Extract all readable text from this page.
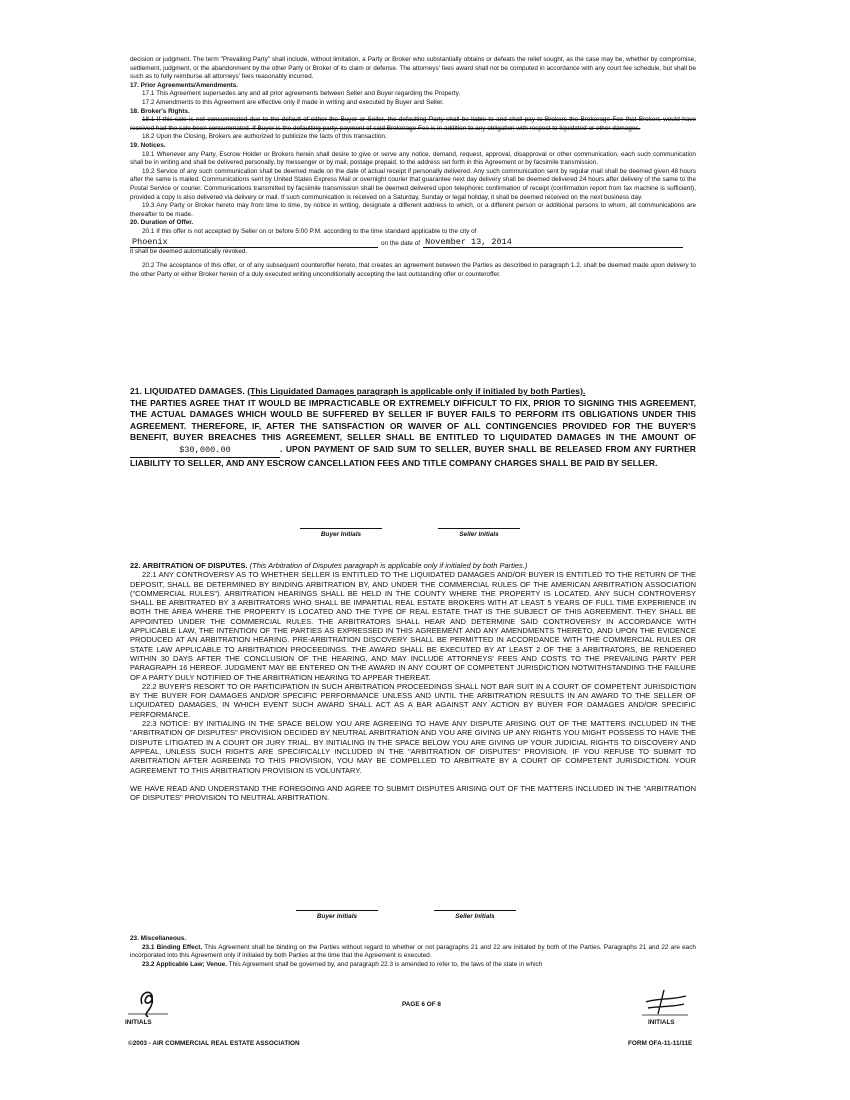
decision or judgment. The term "Prevailing Party" shall include, without limitation, a Party or Broker who substantially obtains or defeats the relief sought, as the case may be, whether by compromise, settlement, judgment, or the abandonment by the other Party or Broker of its claim or defense. The attorneys' fees award shall not be computed in accordance with any court fee schedule, but shall be such as to fully reimburse all attorneys' fees reasonably incurred.

17. Prior Agreements/Amendments.

17.1 This Agreement supersedes any and all prior agreements between Seller and Buyer regarding the Property.

17.2 Amendments to this Agreement are effective only if made in writing and executed by Buyer and Seller.

18. Broker's Rights.

18.1 If this sale is not consummated due to the default of either the Buyer or Seller, the defaulting Party shall be liable to and shall pay to Brokers the Brokerage Fee that Brokers would have received had the sale been consummated. If Buyer is the defaulting party, payment of said Brokerage Fee is in addition to any obligation with respect to liquidated or other damages.

18.2 Upon the Closing, Brokers are authorized to publicize the facts of this transaction.

19. Notices.

19.1 Whenever any Party, Escrow Holder or Brokers herein shall desire to give or serve any notice, demand, request, approval, disapproval or other communication, each such communication shall be in writing and shall be delivered personally, by messenger or by mail, postage prepaid, to the address set forth in this Agreement or by facsimile transmission.

19.2 Service of any such communication shall be deemed made on the date of actual receipt if personally delivered. Any such communication sent by regular mail shall be deemed given 48 hours after the same is mailed. Communications sent by United States Express Mail or overnight courier that guarantee next day delivery shall be deemed delivered 24 hours after delivery of the same to the Postal Service or courier. Communications transmitted by facsimile transmission shall be deemed delivered upon telephonic confirmation of receipt (confirmation report from fax machine is sufficient), provided a copy is also delivered via delivery or mail. If such communication is received on a Saturday, Sunday or legal holiday, it shall be deemed received on the next business day.

19.3 Any Party or Broker hereto may from time to time, by notice in writing, designate a different address to which, or a different person or additional persons to whom, all communications are thereafter to be made.

20. Duration of Offer.

20.1 If this offer is not accepted by Seller on or before 5:00 P.M. according to the time standard applicable to the city of

Phoenix	on the date of November 13, 2014

it shall be deemed automatically revoked.

20.2 The acceptance of this offer, or of any subsequent counteroffer hereto, that creates an agreement between the Parties as described in paragraph 1.2, shall be deemed made upon delivery to the other Party or either Broker herein of a duly executed writing unconditionally accepting the last outstanding offer or counteroffer.

21. LIQUIDATED DAMAGES. (This Liquidated Damages paragraph is applicable only if initialed by both Parties).
THE PARTIES AGREE THAT IT WOULD BE IMPRACTICABLE OR EXTREMELY DIFFICULT TO FIX, PRIOR TO SIGNING THIS AGREEMENT, THE ACTUAL DAMAGES WHICH WOULD BE SUFFERED BY SELLER IF BUYER FAILS TO PERFORM ITS OBLIGATIONS UNDER THIS AGREEMENT. THEREFORE, IF, AFTER THE SATISFACTION OR WAIVER OF ALL CONTINGENCIES PROVIDED FOR THE BUYER'S BENEFIT, BUYER BREACHES THIS AGREEMENT, SELLER SHALL BE ENTITLED TO LIQUIDATED DAMAGES IN THE AMOUNT OF $30,000.00	. UPON PAYMENT OF SAID SUM TO SELLER, BUYER SHALL BE RELEASED FROM ANY FURTHER LIABILITY TO SELLER, AND ANY ESCROW CANCELLATION FEES AND TITLE COMPANY CHARGES SHALL BE PAID BY SELLER.
Buyer Initials	Seller Initials

22. ARBITRATION OF DISPUTES. (This Arbitration of Disputes paragraph is applicable only if initialed by both Parties.)

22.1 ANY CONTROVERSY AS TO WHETHER SELLER IS ENTITLED TO THE LIQUIDATED DAMAGES AND/OR BUYER IS ENTITLED TO THE RETURN OF THE DEPOSIT, SHALL BE DETERMINED BY BINDING ARBITRATION BY, AND UNDER THE COMMERCIAL RULES OF THE AMERICAN ARBITRATION ASSOCIATION ("COMMERCIAL RULES"). ARBITRATION HEARINGS SHALL BE HELD IN THE COUNTY WHERE THE PROPERTY IS LOCATED. ANY SUCH CONTROVERSY SHALL BE ARBITRATED BY 3 ARBITRATORS WHO SHALL BE IMPARTIAL REAL ESTATE BROKERS WITH AT LEAST 5 YEARS OF FULL TIME EXPERIENCE IN BOTH THE AREA WHERE THE PROPERTY IS LOCATED AND THE TYPE OF REAL ESTATE THAT IS THE SUBJECT OF THIS AGREEMENT. THEY SHALL BE APPOINTED UNDER THE COMMERCIAL RULES. THE ARBITRATORS SHALL HEAR AND DETERMINE SAID CONTROVERSY IN ACCORDANCE WITH APPLICABLE LAW, THE INTENTION OF THE PARTIES AS EXPRESSED IN THIS AGREEMENT AND ANY AMENDMENTS THERETO, AND UPON THE EVIDENCE PRODUCED AT AN ARBITRATION HEARING. PRE-ARBITRATION DISCOVERY SHALL BE PERMITTED IN ACCORDANCE WITH THE COMMERCIAL RULES OR STATE LAW APPLICABLE TO ARBITRATION PROCEEDINGS. THE AWARD SHALL BE EXECUTED BY AT LEAST 2 OF THE 3 ARBITRATORS, BE RENDERED WITHIN 30 DAYS AFTER THE CONCLUSION OF THE HEARING, AND MAY INCLUDE ATTORNEYS' FEES AND COSTS TO THE PREVAILING PARTY PER PARAGRAPH 16 HEREOF. JUDGMENT MAY BE ENTERED ON THE AWARD IN ANY COURT OF COMPETENT JURISDICTION NOTWITHSTANDING THE FAILURE OF A PARTY DULY NOTIFIED OF THE ARBITRATION HEARING TO APPEAR THEREAT.

22.2 BUYER'S RESORT TO OR PARTICIPATION IN SUCH ARBITRATION PROCEEDINGS SHALL NOT BAR SUIT IN A COURT OF COMPETENT JURISDICTION BY THE BUYER FOR DAMAGES AND/OR SPECIFIC PERFORMANCE UNLESS AND UNTIL THE ARBITRATION RESULTS IN AN AWARD TO THE SELLER OF LIQUIDATED DAMAGES, IN WHICH EVENT SUCH AWARD SHALL ACT AS A BAR AGAINST ANY ACTION BY BUYER FOR DAMAGES AND/OR SPECIFIC PERFORMANCE.

22.3 NOTICE: BY INITIALING IN THE SPACE BELOW YOU ARE AGREEING TO HAVE ANY DISPUTE ARISING OUT OF THE MATTERS INCLUDED IN THE "ARBITRATION OF DISPUTES" PROVISION DECIDED BY NEUTRAL ARBITRATION AND YOU ARE GIVING UP ANY RIGHTS YOU MIGHT POSSESS TO HAVE THE DISPUTE LITIGATED IN A COURT OR JURY TRIAL. BY INITIALING IN THE SPACE BELOW YOU ARE GIVING UP YOUR JUDICIAL RIGHTS TO DISCOVERY AND APPEAL, UNLESS SUCH RIGHTS ARE SPECIFICALLY INCLUDED IN THE "ARBITRATION OF DISPUTES" PROVISION. IF YOU REFUSE TO SUBMIT TO ARBITRATION AFTER AGREEING TO THIS PROVISION, YOU MAY BE COMPELLED TO ARBITRATE BY A COURT OF COMPETENT JURISDICTION. YOUR AGREEMENT TO THIS ARBITRATION PROVISION IS VOLUNTARY.

WE HAVE READ AND UNDERSTAND THE FOREGOING AND AGREE TO SUBMIT DISPUTES ARISING OUT OF THE MATTERS INCLUDED IN THE "ARBITRATION OF DISPUTES" PROVISION TO NEUTRAL ARBITRATION.

Buyer Initials	Seller Initials

23. Miscellaneous.

23.1 Binding Effect. This Agreement shall be binding on the Parties without regard to whether or not paragraphs 21 and 22 are initialed by both of the Parties. Paragraphs 21 and 22 are each incorporated into this Agreement only if initialed by both Parties at the time that the Agreement is executed.

23.2 Applicable Law; Venue. This Agreement shall be governed by, and paragraph 22.3 is amended to refer to, the laws of the state in which

INITIALS
PAGE 6 OF 8
INITIALS
©2003 - AIR COMMERCIAL REAL ESTATE ASSOCIATION	FORM OFA-11-11/11E
